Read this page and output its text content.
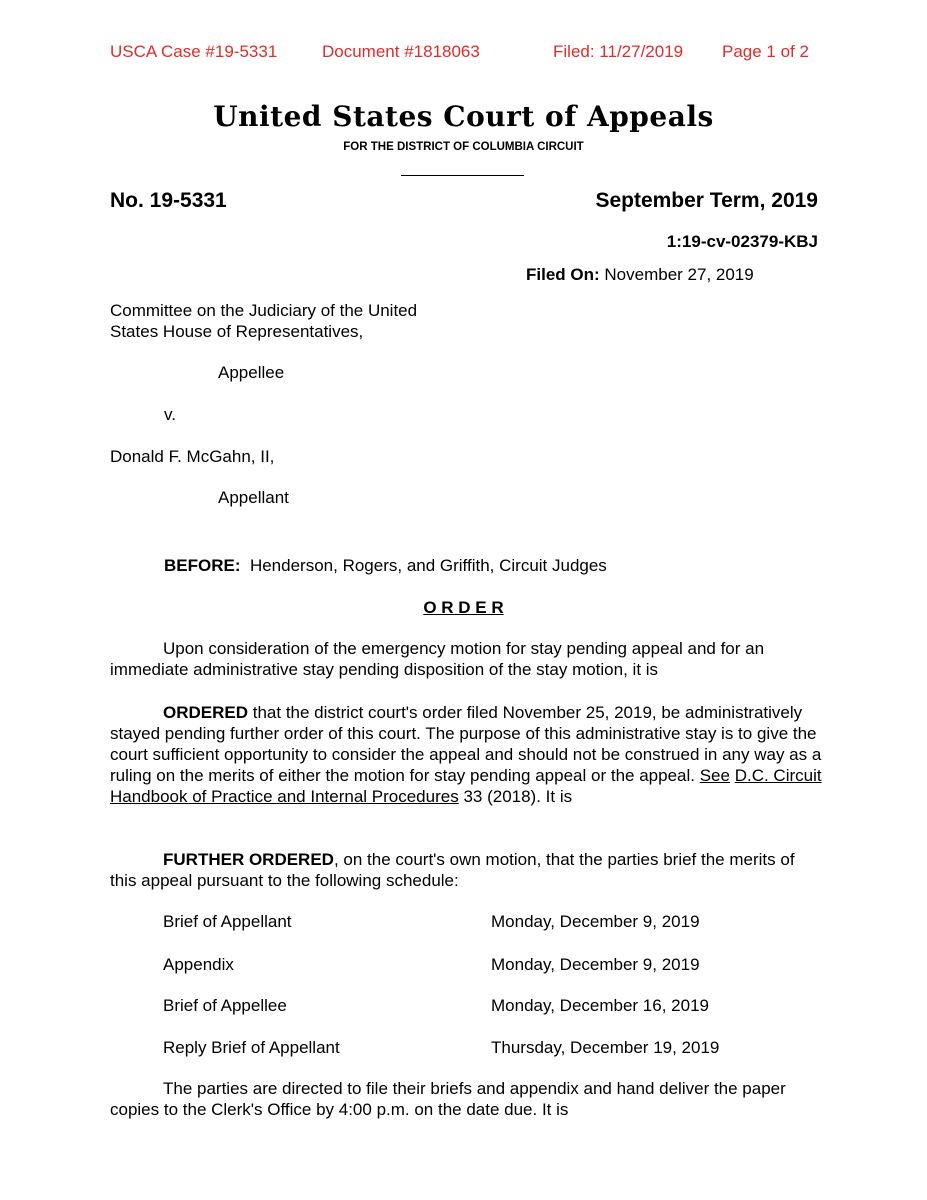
USCA Case #19-5331	Document #1818063	Filed: 11/27/2019 Page 1 of 2
United States Court of Appeals
FOR THE DISTRICT OF COLUMBIA CIRCUIT
No. 19-5331	September Term, 2019
1:19-cv-02379-KBJ
Filed On: November 27, 2019
Committee on the Judiciary of the United
States House of Representatives,
Appellee
v.
Donald F. McGahn, II,
Appellant
BEFORE: Henderson, Rogers, and Griffith, Circuit Judges
O R D E R
Upon consideration of the emergency motion for stay pending appeal and for an immediate administrative stay pending disposition of the stay motion, it is
ORDERED that the district court's order filed November 25, 2019, be administratively stayed pending further order of this court. The purpose of this administrative stay is to give the court sufficient opportunity to consider the appeal and should not be construed in any way as a ruling on the merits of either the motion for stay pending appeal or the appeal. See D.C. Circuit Handbook of Practice and Internal Procedures 33 (2018). It is
FURTHER ORDERED, on the court's own motion, that the parties brief the merits of this appeal pursuant to the following schedule:
Brief of Appellant	Monday, December 9, 2019
Appendix	Monday, December 9, 2019
Brief of Appellee	Monday, December 16, 2019
Reply Brief of Appellant	Thursday, December 19, 2019
The parties are directed to file their briefs and appendix and hand deliver the paper copies to the Clerk's Office by 4:00 p.m. on the date due. It is
